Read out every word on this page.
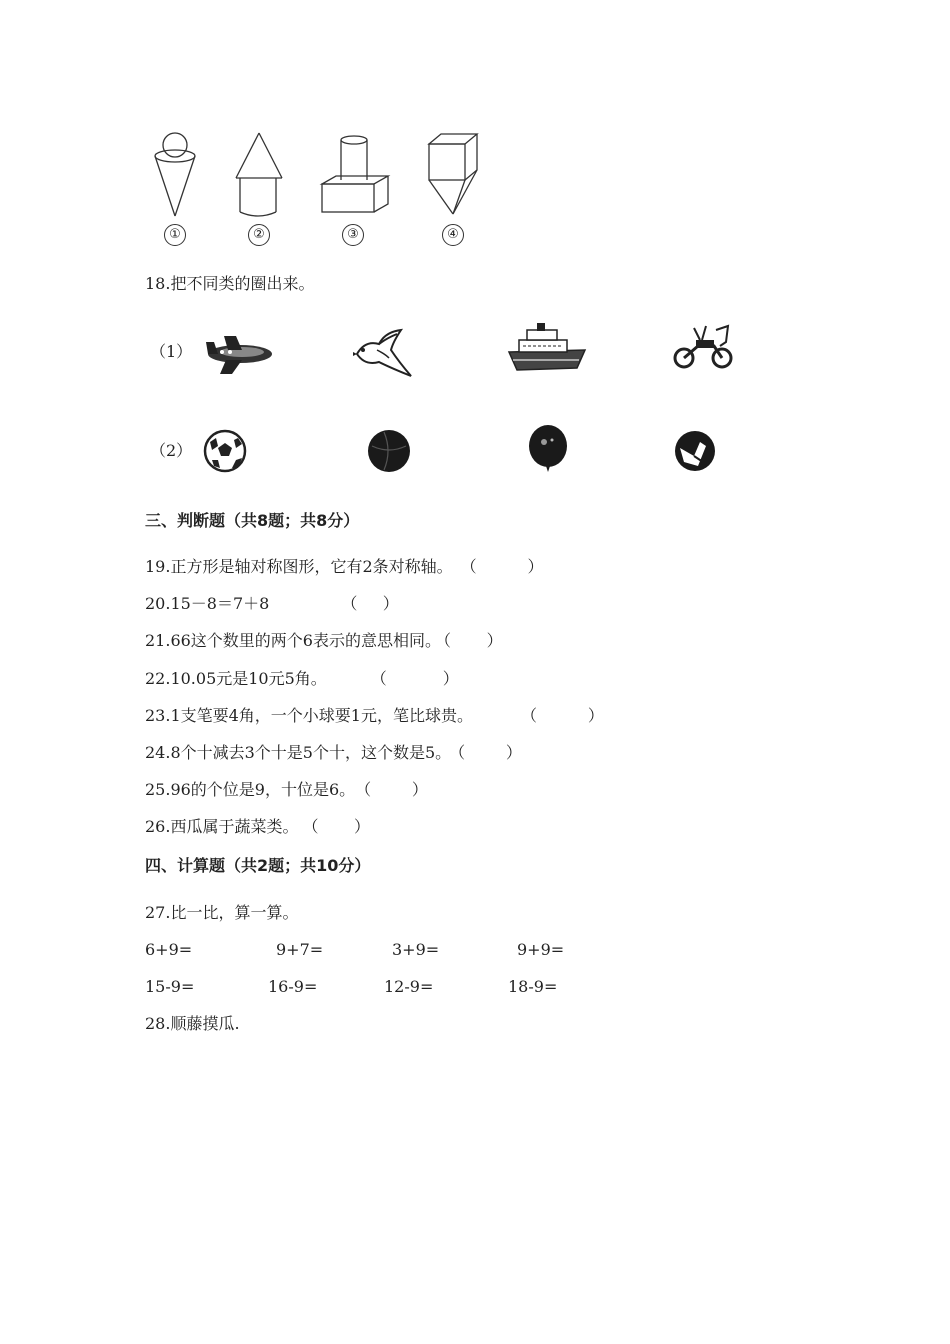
①	②	③	④
18.把不同类的圈出来。
（1）
（2）
三、判断题（共8题；共8分）
19.正方形是轴对称图形，它有2条对称轴。 （          ）
20.15－8＝7＋8	（     ）
21.66这个数里的两个6表示的意思相同。 （       ）
22.10.05元是10元5角。	（           ）
23.1支笔要4角，一个小球要1元，笔比球贵。	（          ）
24.8个十减去3个十是5个十，这个数是5。 （        ）
25.96的个位是9，十位是6。 （        ）
26.西瓜属于蔬菜类。 （       ）
四、计算题（共2题；共10分）
27.比一比，算一算。
6+9=	9+7=	3+9=	9+9=
15-9=	16-9=	12-9=	18-9=
28.顺藤摸瓜.
